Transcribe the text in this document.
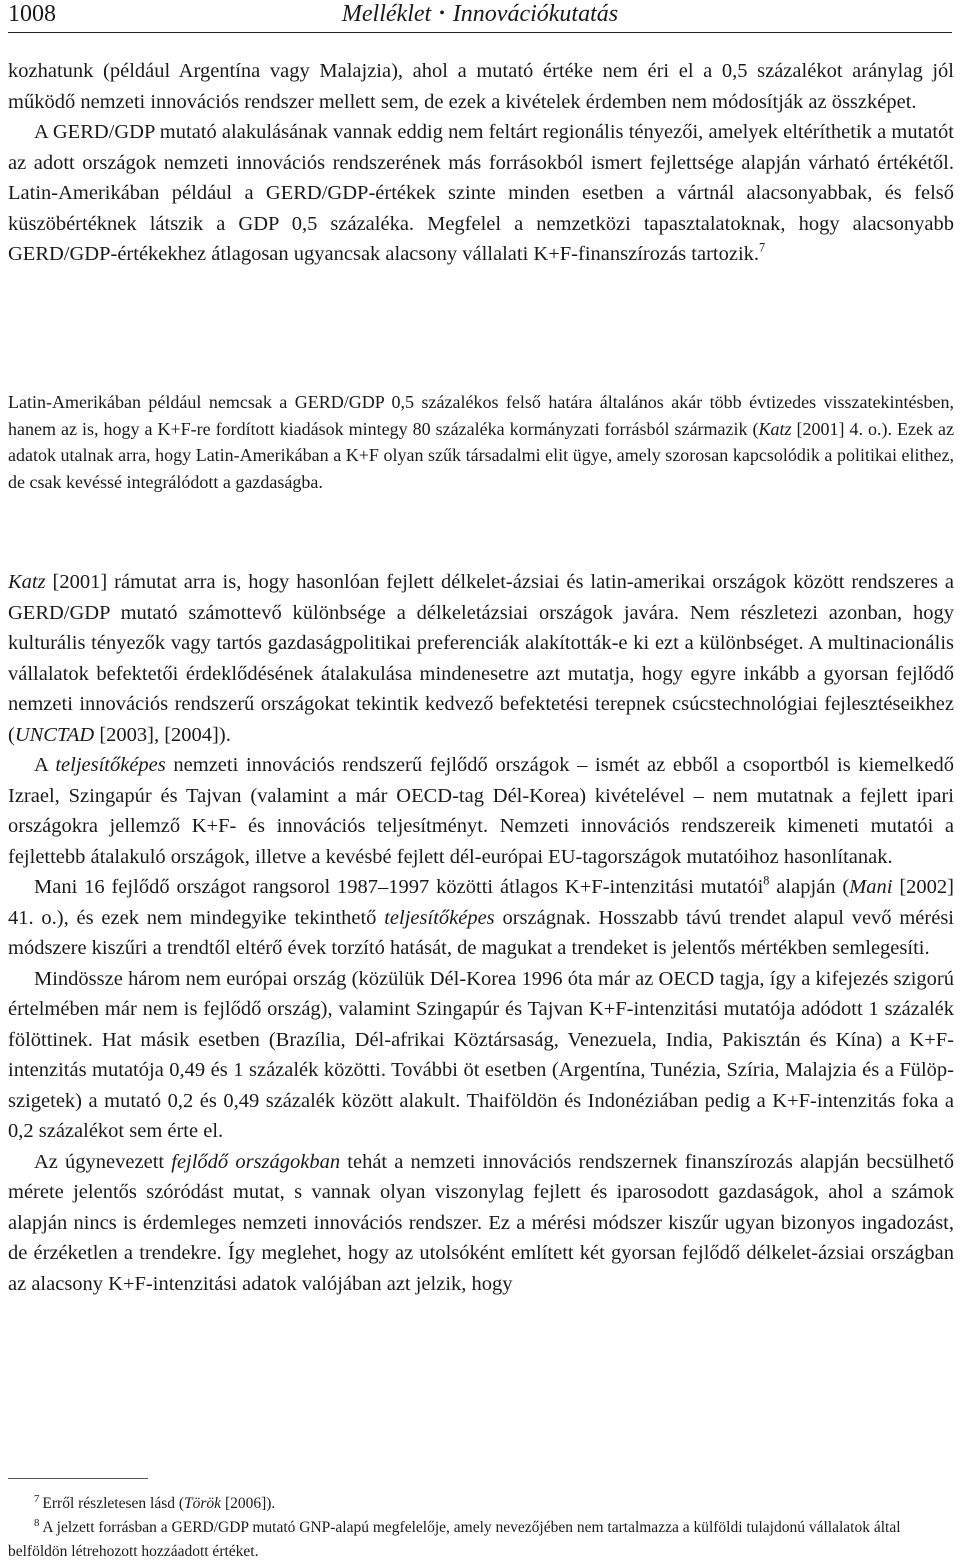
1008	Melléklet • Innovációkutatás

kozhatunk (például Argentína vagy Malajzia), ahol a mutató értéke nem éri el a 0,5 százalékot aránylag jól működő nemzeti innovációs rendszer mellett sem, de ezek a kivételek érdemben nem módosítják az összképet.

A GERD/GDP mutató alakulásának vannak eddig nem feltárt regionális tényezői, amelyek eltéríthetik a mutatót az adott országok nemzeti innovációs rendszerének más forrásokból ismert fejlettsége alapján várható értékétől. Latin-Amerikában például a GERD/GDP-értékek szinte minden esetben a vártnál alacsonyabbak, és felső küszöbértéknek látszik a GDP 0,5 százaléka. Megfelel a nemzetközi tapasztalatoknak, hogy alacsonyabb GERD/GDP-értékekhez átlagosan ugyancsak alacsony vállalati K+F-finanszírozás tartozik.$^7$

Latin-Amerikában például nemcsak a GERD/GDP 0,5 százalékos felső határa általános akár több évtizedes visszatekintésben, hanem az is, hogy a K+F-re fordított kiadások mintegy 80 százaléka kormányzati forrásból származik (Katz [2001] 4. o.). Ezek az adatok utalnak arra, hogy Latin-Amerikában a K+F olyan szűk társadalmi elit ügye, amely szorosan kapcsolódik a politikai elithez, de csak kevéssé integrálódott a gazdaságba.

Katz [2001] rámutat arra is, hogy hasonlóan fejlett délkelet-ázsiai és latin-amerikai országok között rendszeres a GERD/GDP mutató számottevő különbsége a délkeletázsiai országok javára. Nem részletezi azonban, hogy kulturális tényezők vagy tartós gazdaságpolitikai preferenciák alakították-e ki ezt a különbséget. A multinacionális vállalatok befektetői érdeklődésének átalakulása mindenesetre azt mutatja, hogy egyre inkább a gyorsan fejlődő nemzeti innovációs rendszerű országokat tekintik kedvező befektetési terepnek csúcstechnológiai fejlesztéseikhez (UNCTAD [2003], [2004]).

A teljesítőképes nemzeti innovációs rendszerű fejlődő országok – ismét az ebből a csoportból is kiemelkedő Izrael, Szingapúr és Tajvan (valamint a már OECD-tag Dél-Korea) kivételével – nem mutatnak a fejlett ipari országokra jellemző K+F- és innovációs teljesítményt. Nemzeti innovációs rendszereik kimeneti mutatói a fejlettebb átalakuló országok, illetve a kevésbé fejlett dél-európai EU-tagországok mutatóihoz hasonlítanak.

Mani 16 fejlődő országot rangsorol 1987–1997 közötti átlagos K+F-intenzitási mutatói$^8$ alapján (Mani [2002] 41. o.), és ezek nem mindegyike tekinthető teljesítőképes országnak. Hosszabb távú trendet alapul vevő mérési módszere kiszűri a trendtől eltérő évek torzító hatását, de magukat a trendeket is jelentős mértékben semlegesíti.

Mindössze három nem európai ország (közülük Dél-Korea 1996 óta már az OECD tagja, így a kifejezés szigorú értelmében már nem is fejlődő ország), valamint Szingapúr és Tajvan K+F-intenzitási mutatója adódott 1 százalék fölöttinek. Hat másik esetben (Brazília, Dél-afrikai Köztársaság, Venezuela, India, Pakisztán és Kína) a K+F-intenzitás mutatója 0,49 és 1 százalék közötti. További öt esetben (Argentína, Tunézia, Szíria, Malajzia és a Fülöp-szigetek) a mutató 0,2 és 0,49 százalék között alakult. Thaiföldön és Indonéziában pedig a K+F-intenzitás foka a 0,2 százalékot sem érte el.

Az úgynevezett fejlődő országokban tehát a nemzeti innovációs rendszernek finanszírozás alapján becsülhető mérete jelentős szóródást mutat, s vannak olyan viszonylag fejlett és iparosodott gazdaságok, ahol a számok alapján nincs is érdemleges nemzeti innovációs rendszer. Ez a mérési módszer kiszűr ugyan bizonyos ingadozást, de érzéketlen a trendekre. Így meglehet, hogy az utolsóként említett két gyorsan fejlődő délkelet-ázsiai országban az alacsony K+F-intenzitási adatok valójában azt jelzik, hogy

$^7$ Erről részletesen lásd (Török [2006]).

$^8$ A jelzett forrásban a GERD/GDP mutató GNP-alapú megfelelője, amely nevezőjében nem tartalmazza a külföldi tulajdonú vállalatok által belföldön létrehozott hozzáadott értéket.
